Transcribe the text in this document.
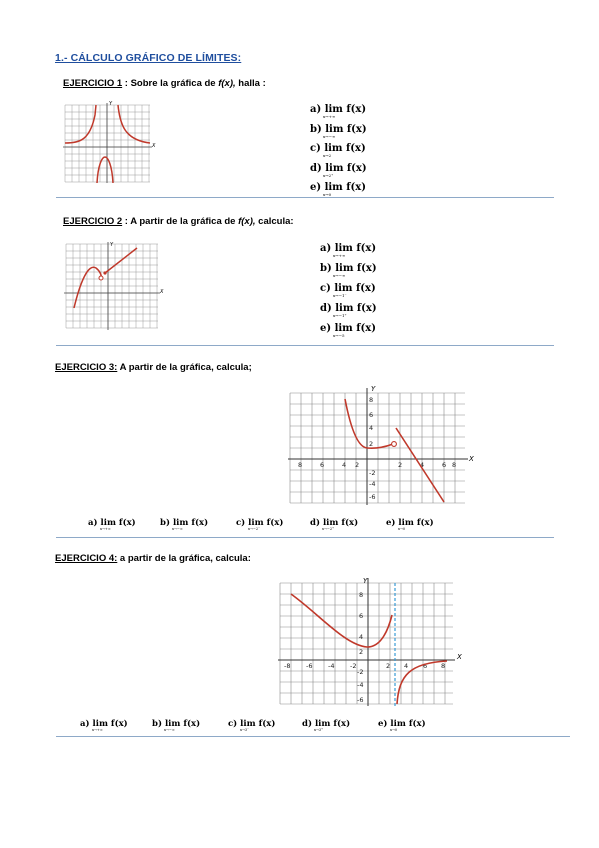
1.- CÁLCULO GRÁFICO DE LÍMITES:
EJERCICIO 1 : Sobre la gráfica de f(x), halla :
X
Y	a) lim f(x)
x→+∞
b) lim f(x)
x→−∞
c) lim f(x)
x→2
d) lim f(x)
x→2⁺
e) lim f(x)
x→0
EJERCICIO 2 : A partir de la gráfica de f(x), calcula:
X
Y	a) lim f(x)
x→+∞
b) lim f(x)
x→−∞
c) lim f(x)
x→−1⁻
d) lim f(x)
x→−1⁺
e) lim f(x)
x→−5
EJERCICIO 3: A partir de la gráfica, calcula;
X
Y
8	6	4 2	2	4	6 8
8
6
4
2
-2
-4
-6
a) lim f(x)
x→+∞
b) lim f(x)
x→−∞
c) lim f(x)
x→−2⁻
d) lim f(x)
x→−2⁺
e) lim f(x)
x→0
EJERCICIO 4: a partir de la gráfica, calcula:
X
Y
-8 -6 -4 -2	2 4 6 8
8
6
4
2
-2
-4
-6
a) lim f(x)
x→+∞
b) lim f(x)
x→−∞
c) lim f(x)
x→3⁻
d) lim f(x)
x→3⁺
e) lim f(x)
x→0
